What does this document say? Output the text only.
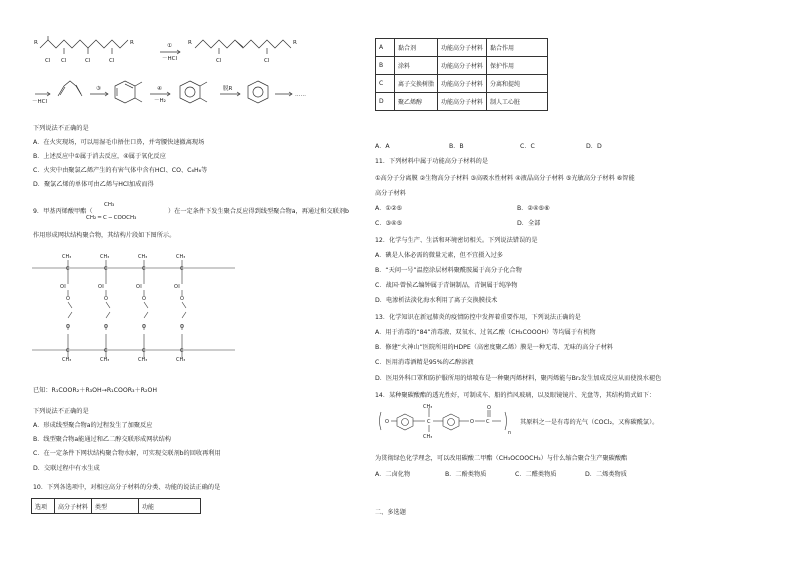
R
Cl Cl	Cl	Cl
R	①
－HCl
R
Cl	Cl
R
－HCl
③	④
－H₂
脱R
……
下列说法不正确的是
A．在火灾现场，可以用湿毛巾捂住口鼻，并弯腰快速撤离现场
B．上述反应中①属于消去反应，④属于氧化反应
C．火灾中由聚氯乙烯产生的有害气体中含有HCl、CO、C₆H₆等
D．聚氯乙烯的单体可由乙烯与HCl加成而得
9．甲基丙烯酸甲酯（
CH₃
CH₂ ═ C ─ COOCH₃
）在一定条件下发生聚合反应得到线型聚合物a，再通过和交联剂b
作用形成网状结构聚合物，其结构片段如下图所示。
CH₃	CH₃	CH₃	CH₃
C	C	C	C
O	O	O	O
O	O	O	O
O	O	O	O
C	C	C	C
CH₃	CH₃	CH₃	CH₃
已知：R₁COOR₂＋R₃OH→R₁COOR₃＋R₂OH
下列说法不正确的是
A．形成线型聚合物a的过程发生了加聚反应
B．线型聚合物a能通过和乙二醇交联形成网状结构
C．在一定条件下网状结构聚合物水解，可实现交联剂b的回收再利用
D．交联过程中有水生成
10．下列各选项中，对相应高分子材料的分类、功能的说法正确的是
选项	高分子材料	类型	功能
A	黏合剂	功能高分子材料	黏合作用
B	涂料	功能高分子材料	保护作用
C	离子交换树脂	功能高分子材料	分离和提纯
D	聚乙烯醇	功能高分子材料	制人工心脏
A．A	B．B	C．C	D．D
11．下列材料中属于功能高分子材料的是
①高分子分离膜 ②生物高分子材料 ③高吸水性材料 ④液晶高分子材料 ⑤光敏高分子材料 ⑥智能
高分子材料
A．①②⑤	B．②④⑤⑥
C．③④⑤	D．全部
12．化学与生产、生活和环境密切相关。下列说法错误的是
A．碘是人体必需的微量元素，但不宜摄入过多
B．“天问一号”温控涂层材料聚酰胺属于高分子化合物
C．战国·曾侯乙编钟属于青铜制品，青铜属于纯净物
D．电渗析法淡化海水利用了离子交换膜技术
13．化学知识在新冠肺炎的疫情防控中发挥着重要作用，下列说法正确的是
A．用于消毒的“84”消毒液、双氧水、过氧乙酸（CH₃COOOH）等均属于有机物
B．修建“火神山”医院所用的HDPE（高密度聚乙烯）膜是一种无毒、无味的高分子材料
C．医用消毒酒精是95%的乙醇溶液
D．医用外科口罩和防护服所用的熔喷布是一种聚丙烯材料，聚丙烯能与Br₂发生加成反应从而使溴水褪色
14．某种聚碳酸酯的透光性好，可制成车、船的挡风玻璃，以及眼镜镜片、光盘等，其结构简式如下：
O
CH₃
C
CH₃
O
O
C
n
其原料之一是有毒的光气（COCl₂，又称碳酰氯）。
为贯彻绿色化学理念，可以改用碳酸二甲酯（CH₃OCOOCH₃）与什么缩合聚合生产聚碳酸酯
A．二卤化物	B．二酚类物质	C．二醛类物质	D．二烯类物质
二、多选题
